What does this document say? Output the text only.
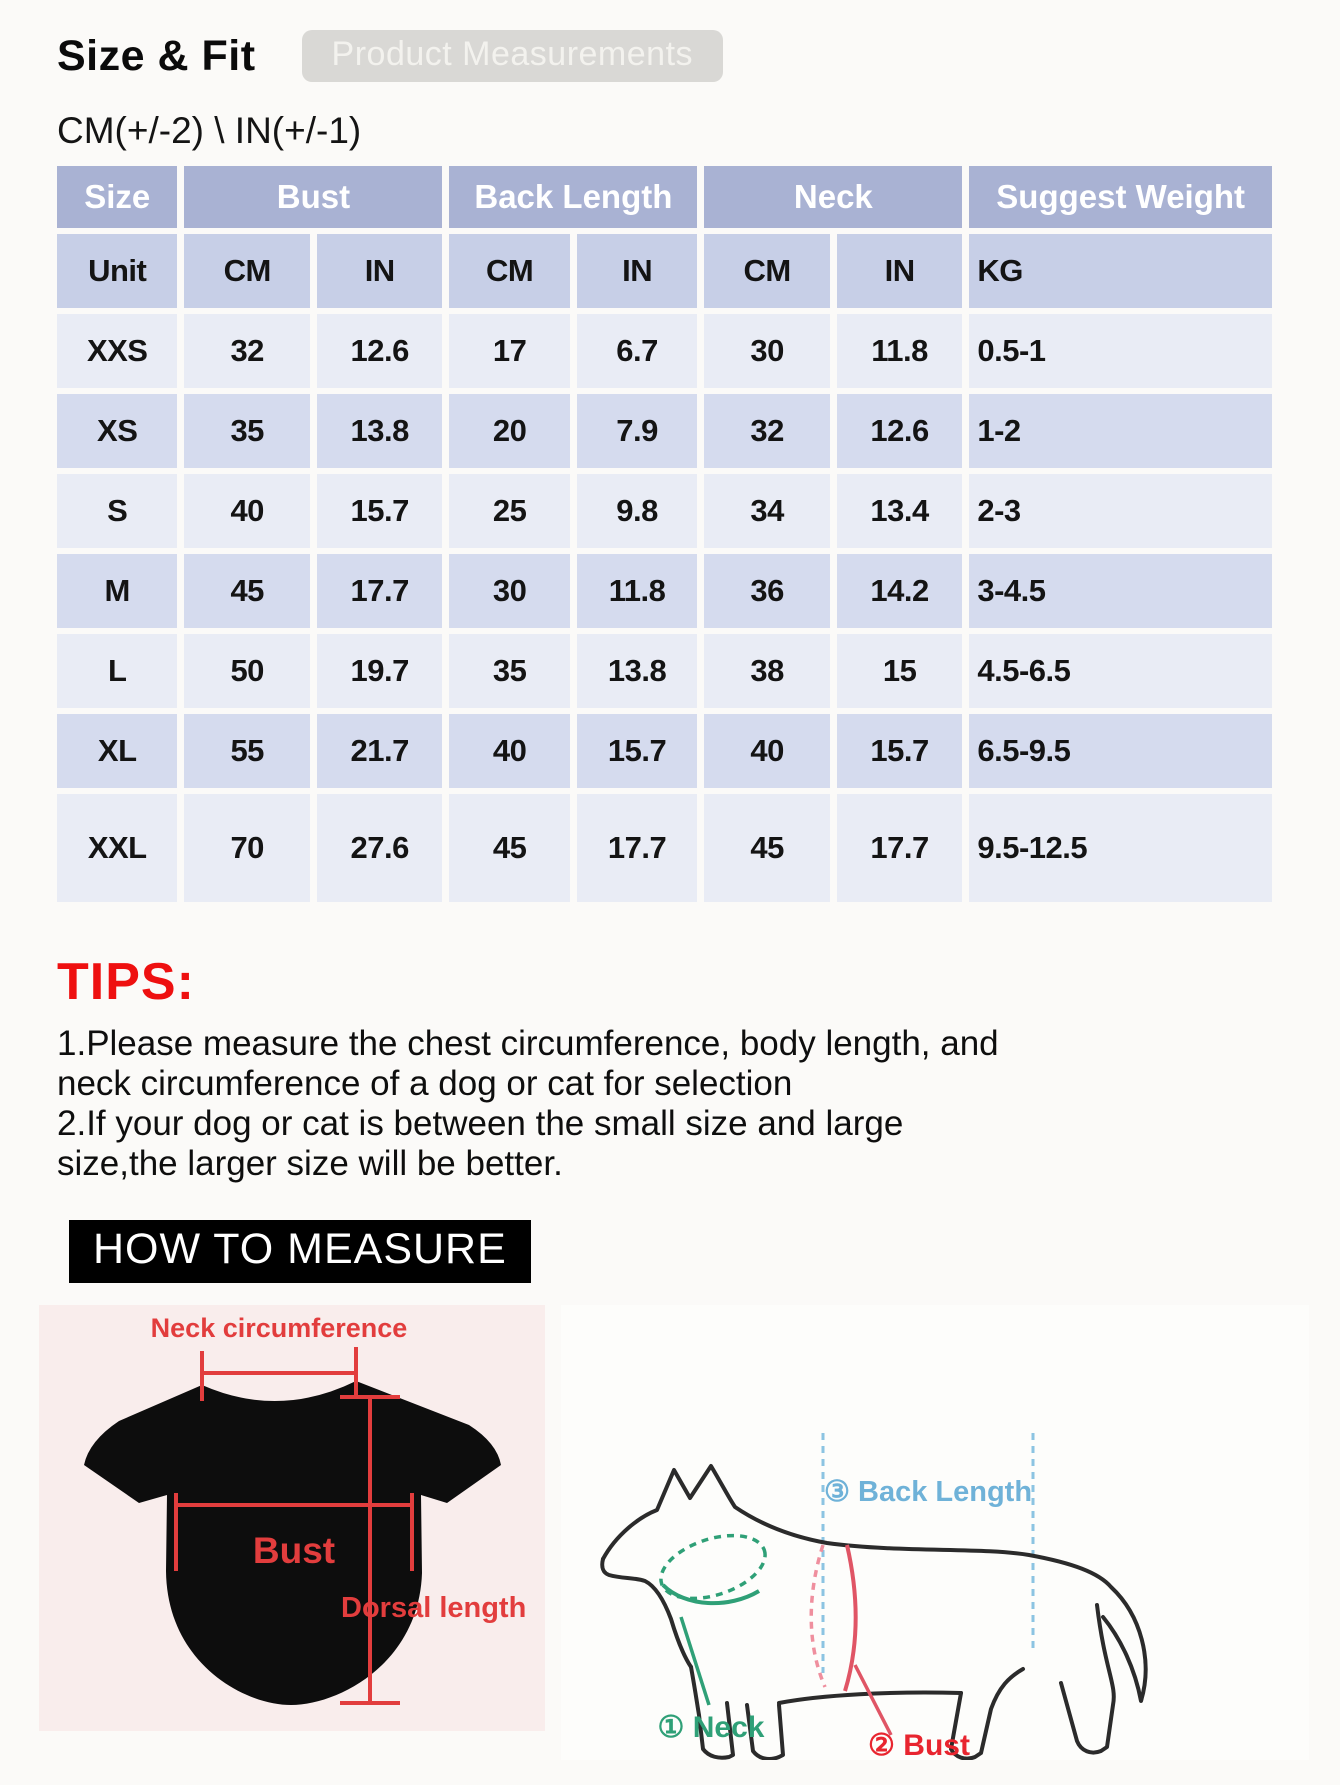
Size & Fit	Product Measurements
CM(+/-2) \ IN(+/-1)
Size	Bust		Back Length		Neck		Suggest Weight
Unit	CM	IN	CM	IN	CM	IN	KG
XXS	32	12.6	17	6.7	30	11.8	0.5-1
XS	35	13.8	20	7.9	32	12.6	1-2
S	40	15.7	25	9.8	34	13.4	2-3
M	45	17.7	30	11.8	36	14.2	3-4.5
L	50	19.7	35	13.8	38	15	4.5-6.5
XL	55	21.7	40	15.7	40	15.7	6.5-9.5
XXL	70	27.6	45	17.7	45	17.7	9.5-12.5
TIPS:
1.Please measure the chest circumference, body length, and
neck circumference of a dog or cat for selection
2.If your dog or cat is between the small size and large
size,the larger size will be better.
HOW TO MEASURE
Neck circumference
Bust
Dorsal length
③ Back Length
① Neck
② Bust
